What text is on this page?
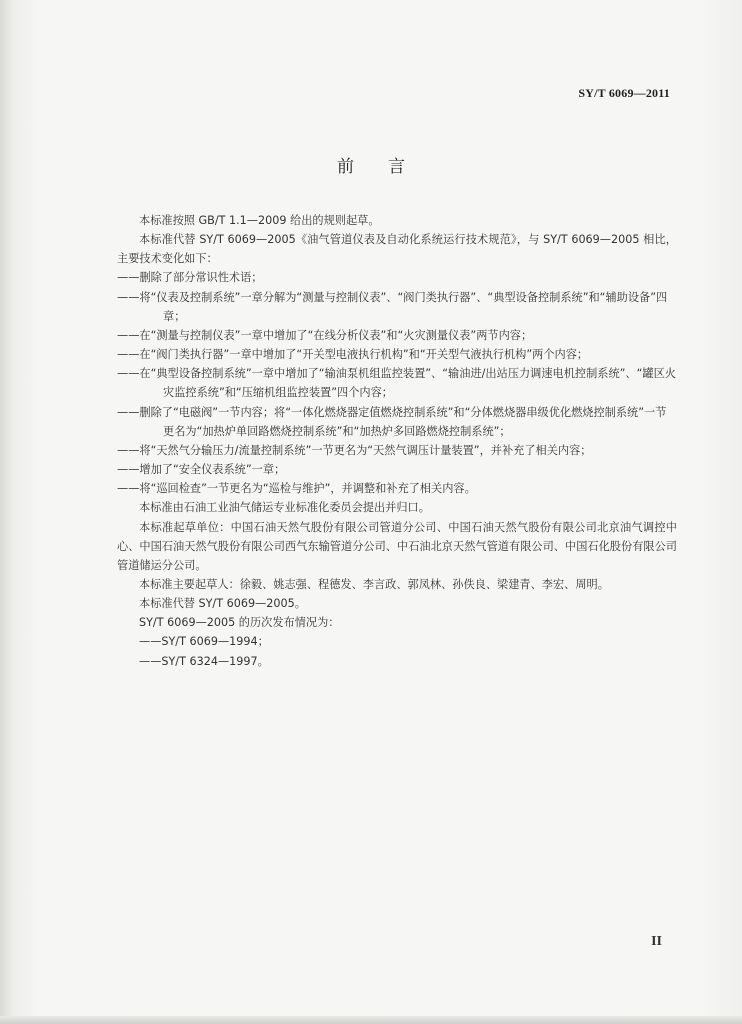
SY/T 6069—2011
前言

本标准按照 GB/T 1.1—2009 给出的规则起草。

本标准代替 SY/T 6069—2005《油气管道仪表及自动化系统运行技术规范》，与 SY/T 6069—2005 相比，主要技术变化如下：

——删除了部分常识性术语；

——将“仪表及控制系统”一章分解为“测量与控制仪表”、“阀门类执行器”、“典型设备控制系统”和“辅助设备”四章；

——在“测量与控制仪表”一章中增加了“在线分析仪表”和“火灾测量仪表”两节内容；

——在“阀门类执行器”一章中增加了“开关型电液执行机构”和“开关型气液执行机构”两个内容；

——在“典型设备控制系统”一章中增加了“输油泵机组监控装置”、“输油进/出站压力调速电机控制系统”、“罐区火灾监控系统”和“压缩机组监控装置”四个内容；

——删除了“电磁阀”一节内容；将“一体化燃烧器定值燃烧控制系统”和“分体燃烧器串级优化燃烧控制系统”一节更名为“加热炉单回路燃烧控制系统”和“加热炉多回路燃烧控制系统”；

——将“天然气分输压力/流量控制系统”一节更名为“天然气调压计量装置”，并补充了相关内容；

——增加了“安全仪表系统”一章；

——将“巡回检查”一节更名为“巡检与维护”，并调整和补充了相关内容。

本标准由石油工业油气储运专业标准化委员会提出并归口。

本标准起草单位：中国石油天然气股份有限公司管道分公司、中国石油天然气股份有限公司北京油气调控中心、中国石油天然气股份有限公司西气东输管道分公司、中石油北京天然气管道有限公司、中国石化股份有限公司管道储运分公司。

本标准主要起草人：徐毅、姚志强、程德发、李言政、郭凤林、孙佚良、梁建青、李宏、周明。

本标准代替 SY/T 6069—2005。

SY/T 6069—2005 的历次发布情况为：

——SY/T 6069—1994；

——SY/T 6324—1997。

II
